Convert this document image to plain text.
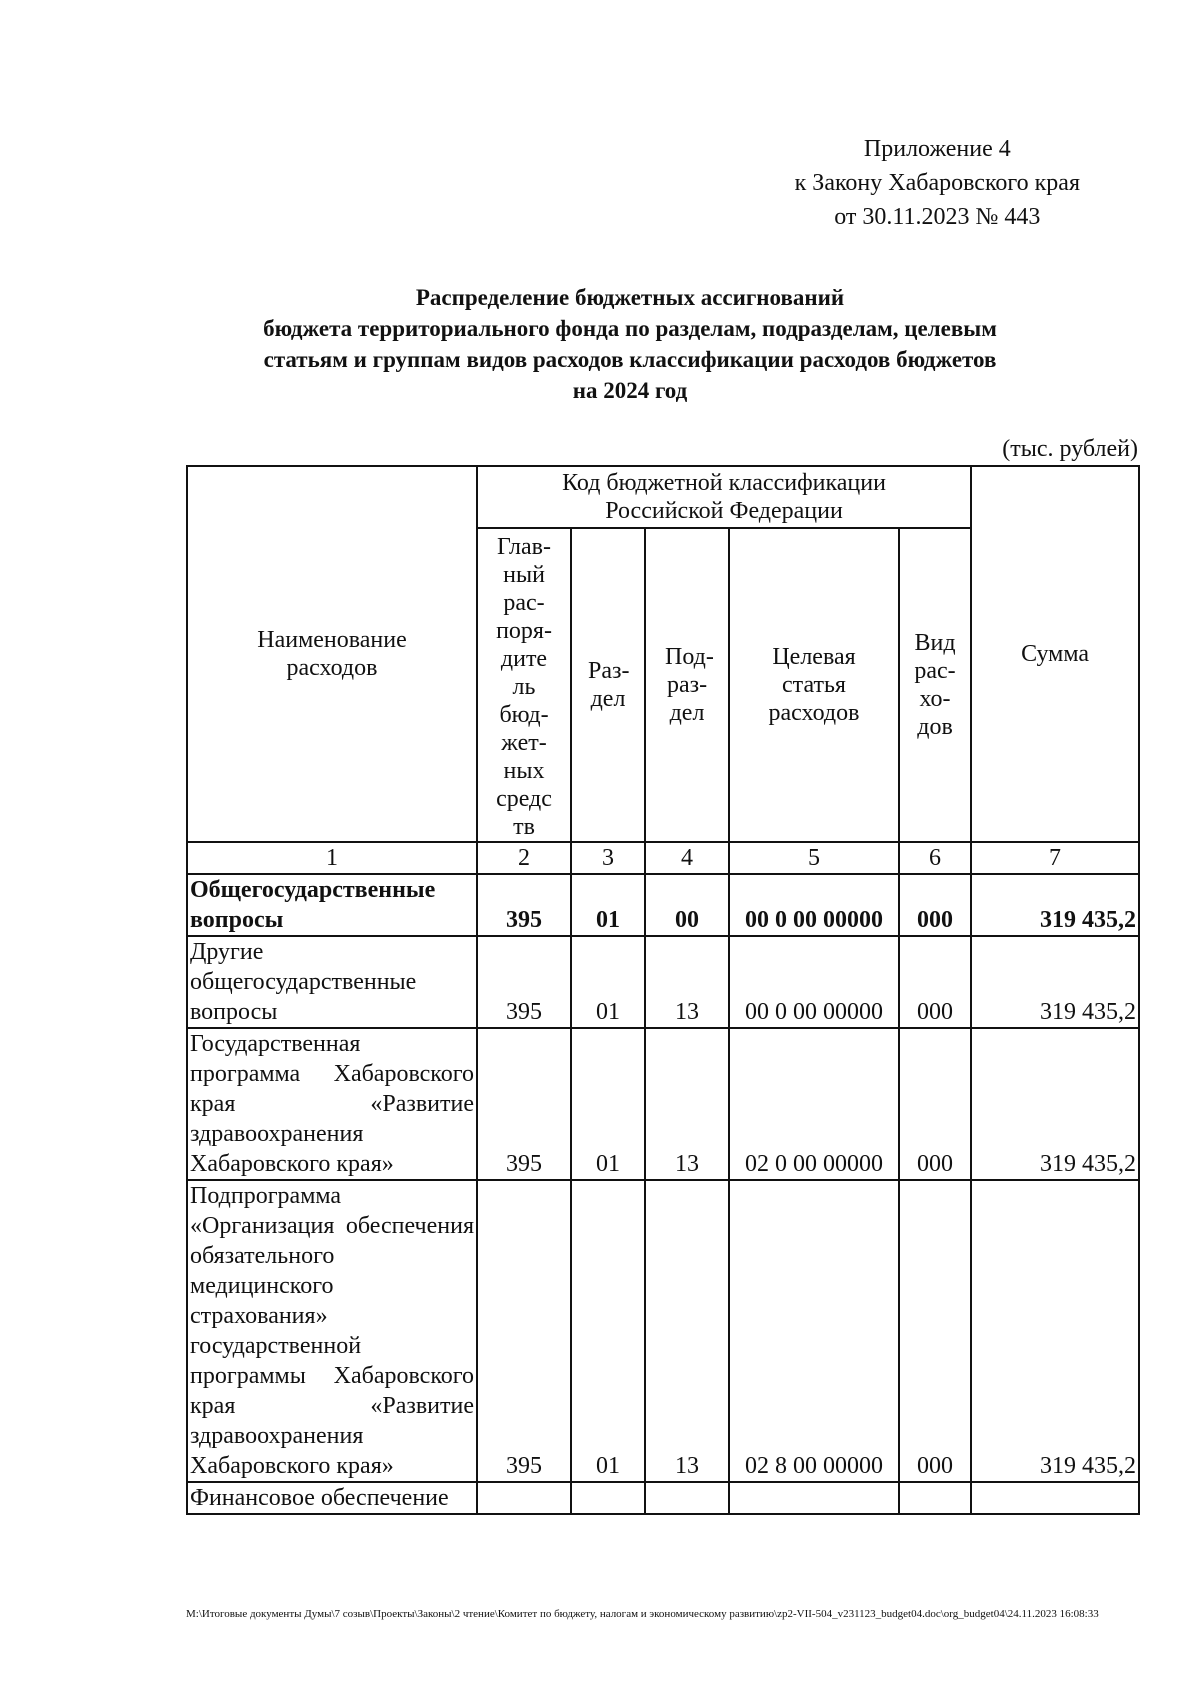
Приложение 4
к Закону Хабаровского края
от 30.11.2023 № 443
Распределение бюджетных ассигнований
бюджета территориального фонда по разделам, подразделам, целевым
статьям и группам видов расходов классификации расходов бюджетов
на 2024 год
(тыс. рублей)
Наименование расходов	Код бюджетной классификации Российской Федерации					Сумма

	Глав-ный рас-поря-дитель бюд-жет-ных средств	Раз-дел	Под-раз-дел	Целевая статья расходов	Вид рас-хо-дов	

1	2	3	4	5	6	7
Общегосударственные вопросы	395	01	00	00 0 00 00000	000	319 435,2
Другие общегосударственные вопросы	395	01	13	00 0 00 00000	000	319 435,2
Государственная программа Хабаровского края «Развитие здравоохранения Хабаровского края»	395	01	13	02 0 00 00000	000	319 435,2
Подпрограмма «Организация обеспечения обязательного медицинского страхования» государственной программы Хабаровского края «Развитие здравоохранения Хабаровского края»	395	01	13	02 8 00 00000	000	319 435,2
Финансовое обеспечение						
M:\Итоговые документы Думы\7 созыв\Проекты\Законы\2 чтение\Комитет по бюджету, налогам и экономическому развитию\zp2-VII-504_v231123_budget04.doc\org_budget04\24.11.2023 16:08:33
